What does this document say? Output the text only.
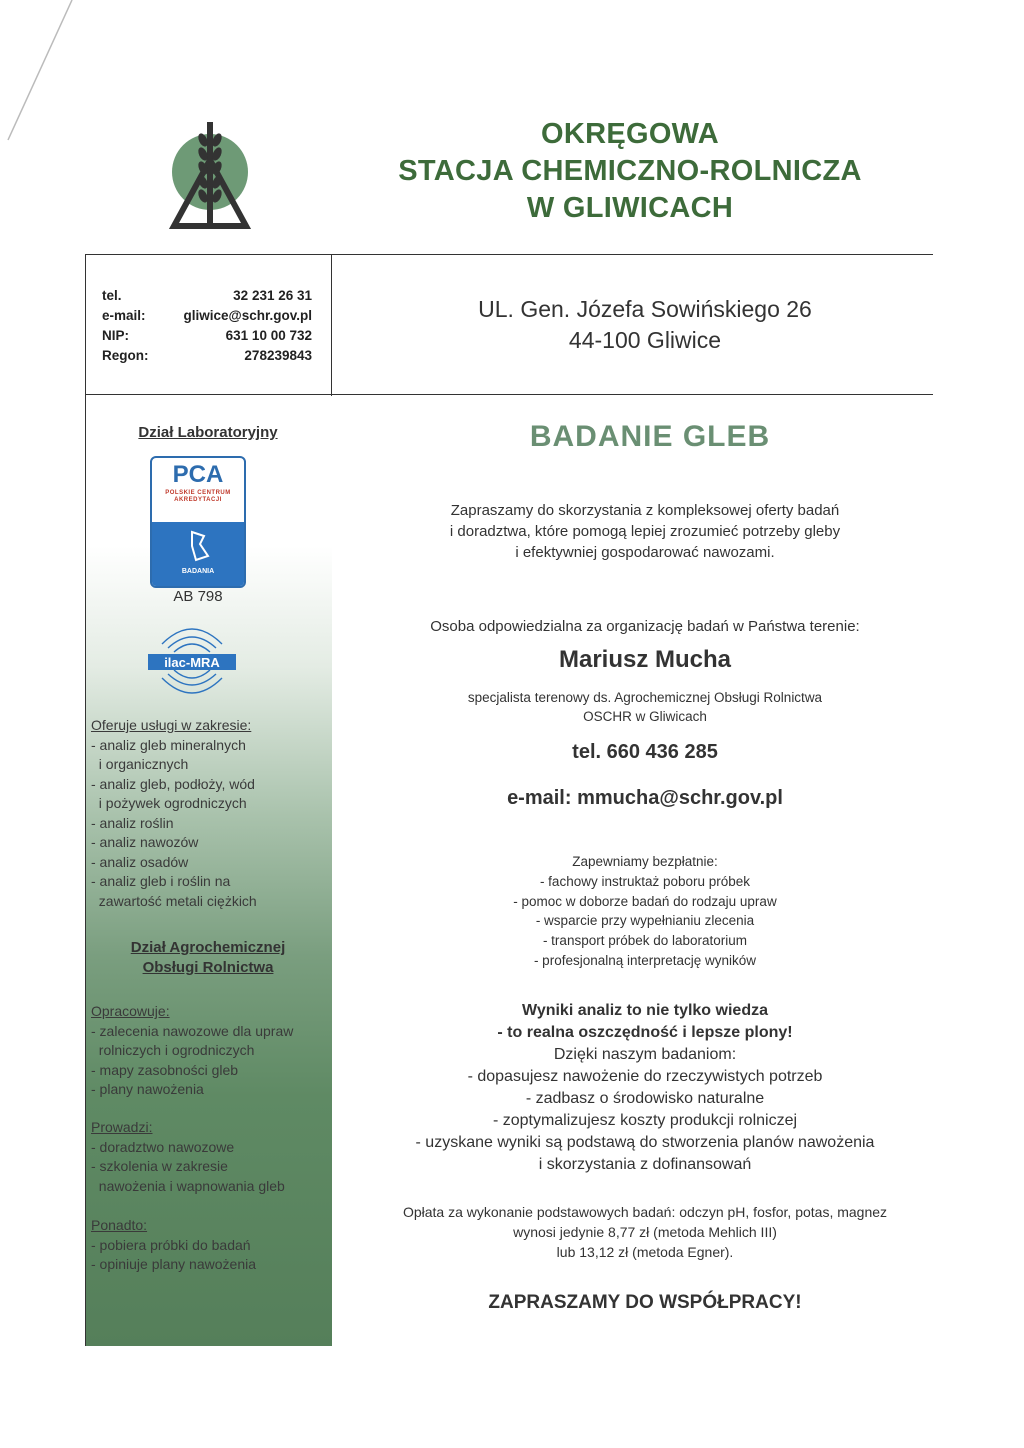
OKRĘGOWA
STACJA CHEMICZNO-ROLNICZA
W GLIWICACH
tel.	32 231 26 31
e-mail:	gliwice@schr.gov.pl
NIP:	631 10 00 732
Regon:	278239843
UL. Gen. Józefa Sowińskiego 26
44-100 Gliwice
Dział Laboratoryjny
PCA
POLSKIE CENTRUM
AKREDYTACJI
BADANIA
AB 798
ilac-MRA
Oferuje usługi w zakresie:
- analiz gleb mineralnych
i organicznych
- analiz gleb, podłoży, wód
i pożywek ogrodniczych
- analiz roślin
- analiz nawozów
- analiz osadów
- analiz gleb i roślin na
zawartość metali ciężkich
Dział Agrochemicznej
Obsługi Rolnictwa
Opracowuje:
- zalecenia nawozowe dla upraw
rolniczych i ogrodniczych
- mapy zasobności gleb
- plany nawożenia
Prowadzi:
- doradztwo nawozowe
- szkolenia w zakresie
nawożenia i wapnowania gleb
Ponadto:
- pobiera próbki do badań
- opiniuje plany nawożenia
BADANIE GLEB
Zapraszamy do skorzystania z kompleksowej oferty badań
i doradztwa, które pomogą lepiej zrozumieć potrzeby gleby
i efektywniej gospodarować nawozami.
Osoba odpowiedzialna za organizację badań w Państwa terenie:
Mariusz Mucha
specjalista terenowy ds. Agrochemicznej Obsługi Rolnictwa
OSCHR w Gliwicach
tel. 660 436 285
e-mail: mmucha@schr.gov.pl
Zapewniamy bezpłatnie:
- fachowy instruktaż poboru próbek
- pomoc w doborze badań do rodzaju upraw
- wsparcie przy wypełnianiu zlecenia
- transport próbek do laboratorium
- profesjonalną interpretację wyników
Wyniki analiz to nie tylko wiedza
- to realna oszczędność i lepsze plony!
Dzięki naszym badaniom:
- dopasujesz nawożenie do rzeczywistych potrzeb
- zadbasz o środowisko naturalne
- zoptymalizujesz koszty produkcji rolniczej
- uzyskane wyniki są podstawą do stworzenia planów nawożenia
i skorzystania z dofinansowań
Opłata za wykonanie podstawowych badań: odczyn pH, fosfor, potas, magnez
wynosi jedynie 8,77 zł (metoda Mehlich III)
lub 13,12 zł (metoda Egner).
ZAPRASZAMY DO WSPÓŁPRACY!
